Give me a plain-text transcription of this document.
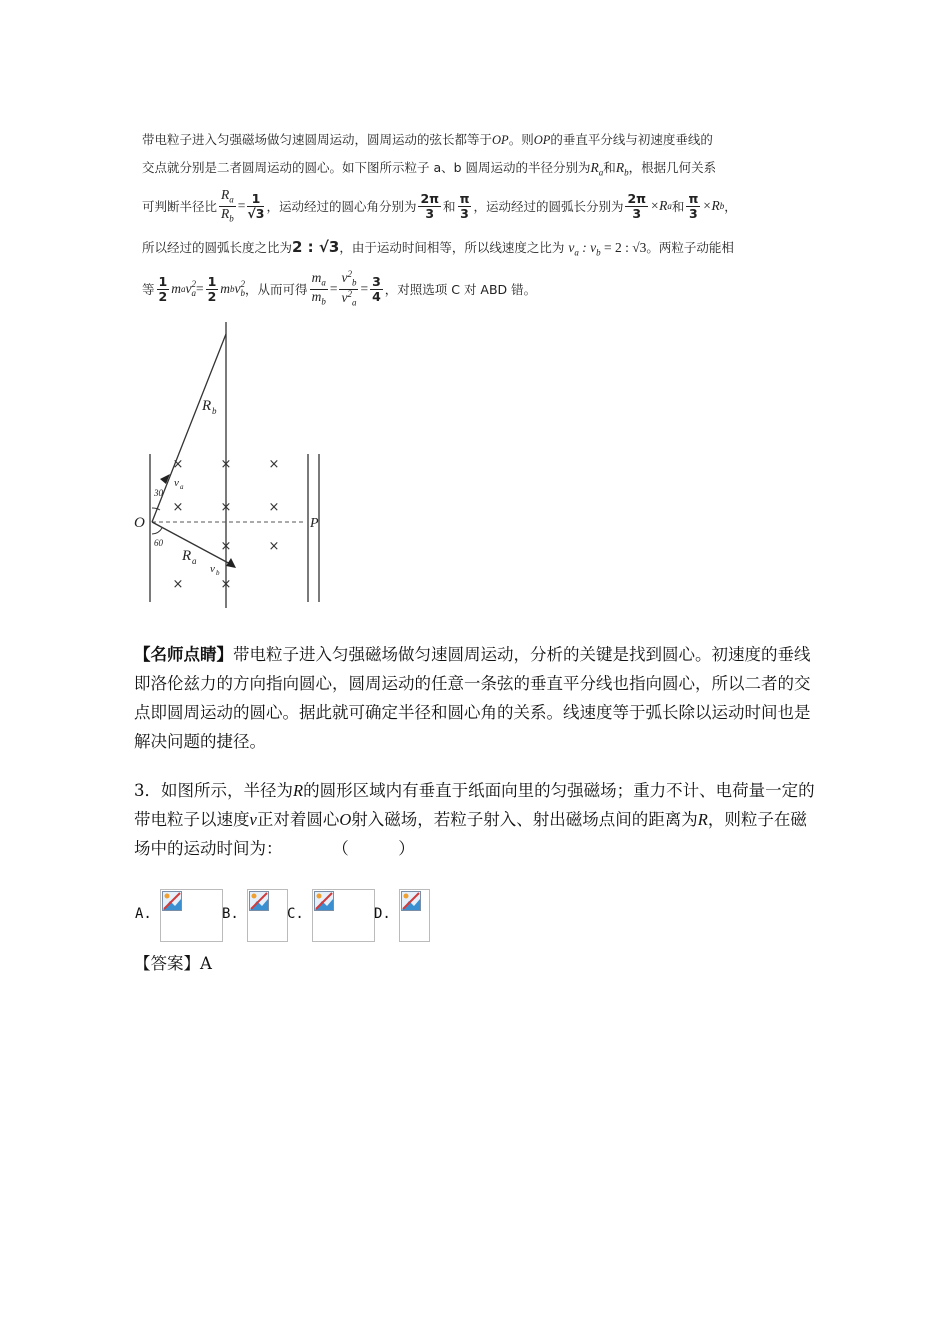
带电粒子进入匀强磁场做匀速圆周运动，圆周运动的弦长都等于OP。则OP的垂直平分线与初速度垂线的
交点就分别是二者圆周运动的圆心。如下图所示粒子 a、b 圆周运动的半径分别为$R_a$和$R_b$，根据几何关系
可判断半径比 $\frac{R_a}{R_b} = \frac{1}{√3}$ ，运动经过的圆心角分别为 $\frac{2\pi}{3}$ 和 $\frac{\pi}{3}$ ，运动经过的圆弧长分别为 $\frac{2\pi}{3} \times R$ a 和 $\frac{\pi}{3} \times R$ b ，
所以经过的圆弧长度之比为2 : √3，由于运动时间相等，所以线速度之比为 $v_a$ : $v_b = 2$ : √3。两粒子动能相
等 $\frac{1}{2}$ m a v 2
$a = \frac{1}{2}$ m b v 2
b ，从而可得 $\frac{m_a}{m_b} = \frac{v^2_b}{v^2_a} = \frac{3}{4}$ ，对照选项 C 对 ABD 错。
×	×	×
×
×	×
×	×
×	×
O	P
R b
R a
v a
v b
30
60
【名师点睛】带电粒子进入匀强磁场做匀速圆周运动，分析的关键是找到圆心。初速度的垂线即洛伦兹力的方向指向圆心，圆周运动的任意一条弦的垂直平分线也指向圆心，所以二者的交点即圆周运动的圆心。据此就可确定半径和圆心角的关系。线速度等于弧长除以运动时间也是解决问题的捷径。
3．如图所示，半径为R的圆形区域内有垂直于纸面向里的匀强磁场；重力不计、电荷量一定的带电粒子以速度v正对着圆心O射入磁场，若粒子射入、射出磁场点间的距离为R，则粒子在磁场中的运动时间为：	（　　　）
A.	B.	C.	D.
【答案】A
